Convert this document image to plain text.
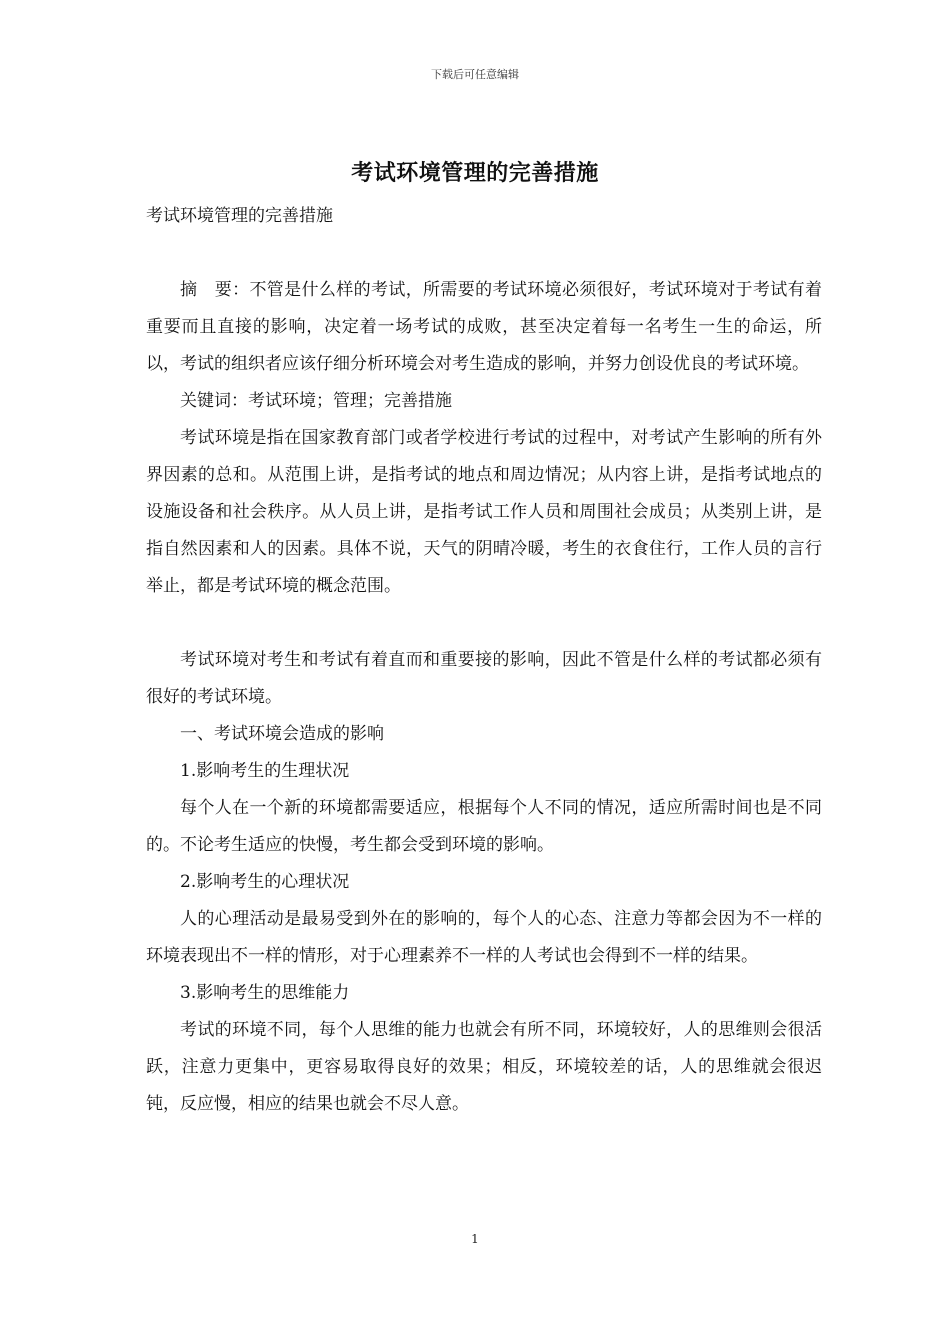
下载后可任意编辑
考试环境管理的完善措施

考试环境管理的完善措施

摘　要：不管是什么样的考试，所需要的考试环境必须很好，考试环境对于考试有着重要而且直接的影响，决定着一场考试的成败，甚至决定着每一名考生一生的命运，所以，考试的组织者应该仔细分析环境会对考生造成的影响，并努力创设优良的考试环境。

关键词：考试环境；管理；完善措施

考试环境是指在国家教育部门或者学校进行考试的过程中，对考试产生影响的所有外界因素的总和。从范围上讲，是指考试的地点和周边情况；从内容上讲，是指考试地点的设施设备和社会秩序。从人员上讲，是指考试工作人员和周围社会成员；从类别上讲，是指自然因素和人的因素。具体不说，天气的阴晴冷暖，考生的衣食住行，工作人员的言行举止，都是考试环境的概念范围。

考试环境对考生和考试有着直而和重要接的影响，因此不管是什么样的考试都必须有很好的考试环境。

一、考试环境会造成的影响

1.影响考生的生理状况

每个人在一个新的环境都需要适应，根据每个人不同的情况，适应所需时间也是不同的。不论考生适应的快慢，考生都会受到环境的影响。

2.影响考生的心理状况

人的心理活动是最易受到外在的影响的，每个人的心态、注意力等都会因为不一样的环境表现出不一样的情形，对于心理素养不一样的人考试也会得到不一样的结果。

3.影响考生的思维能力

考试的环境不同，每个人思维的能力也就会有所不同，环境较好，人的思维则会很活跃，注意力更集中，更容易取得良好的效果；相反，环境较差的话，人的思维就会很迟钝，反应慢，相应的结果也就会不尽人意。

1
